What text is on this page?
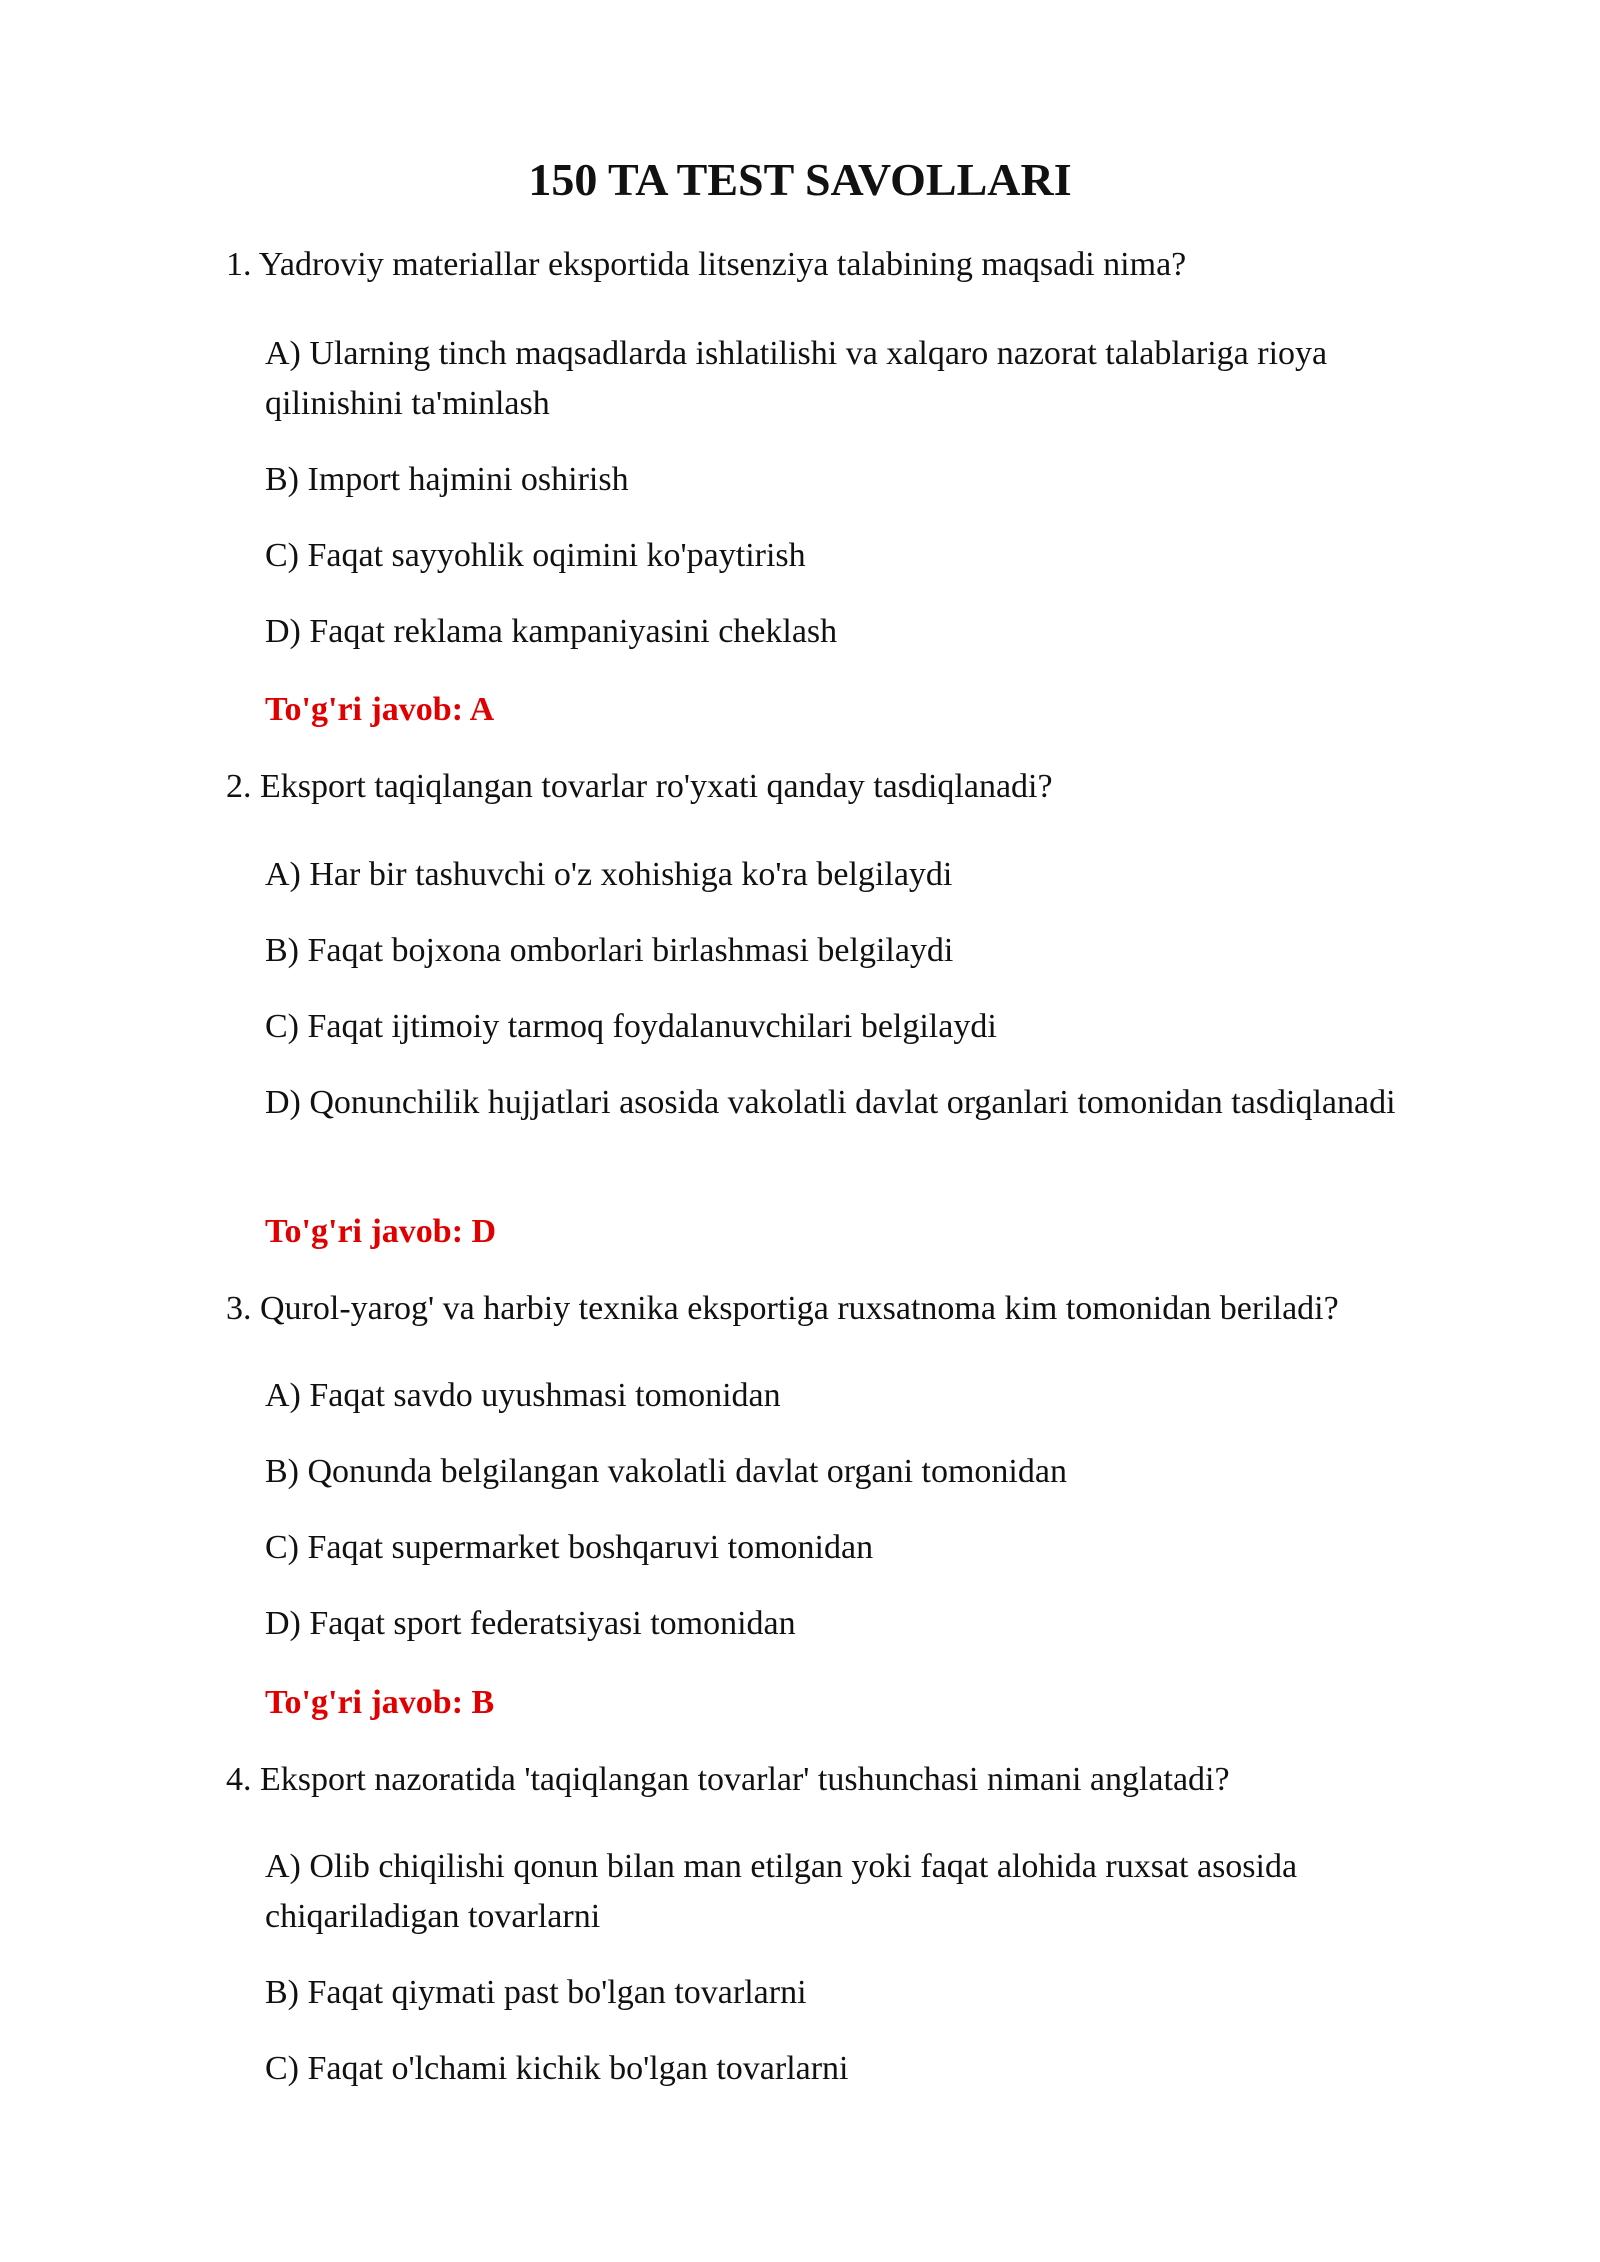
150 TA TEST SAVOLLARI
1. Yadroviy materiallar eksportida litsenziya talabining maqsadi nima?
A) Ularning tinch maqsadlarda ishlatilishi va xalqaro nazorat talablariga rioya qilinishini ta'minlash
B) Import hajmini oshirish
C) Faqat sayyohlik oqimini ko'paytirish
D) Faqat reklama kampaniyasini cheklash
To'g'ri javob: A
2. Eksport taqiqlangan tovarlar ro'yxati qanday tasdiqlanadi?
A) Har bir tashuvchi o'z xohishiga ko'ra belgilaydi
B) Faqat bojxona omborlari birlashmasi belgilaydi
C) Faqat ijtimoiy tarmoq foydalanuvchilari belgilaydi
D) Qonunchilik hujjatlari asosida vakolatli davlat organlari tomonidan tasdiqlanadi
To'g'ri javob: D
3. Qurol-yarog' va harbiy texnika eksportiga ruxsatnoma kim tomonidan beriladi?
A) Faqat savdo uyushmasi tomonidan
B) Qonunda belgilangan vakolatli davlat organi tomonidan
C) Faqat supermarket boshqaruvi tomonidan
D) Faqat sport federatsiyasi tomonidan
To'g'ri javob: B
4. Eksport nazoratida 'taqiqlangan tovarlar' tushunchasi nimani anglatadi?
A) Olib chiqilishi qonun bilan man etilgan yoki faqat alohida ruxsat asosida chiqariladigan tovarlarni
B) Faqat qiymati past bo'lgan tovarlarni
C) Faqat o'lchami kichik bo'lgan tovarlarni
